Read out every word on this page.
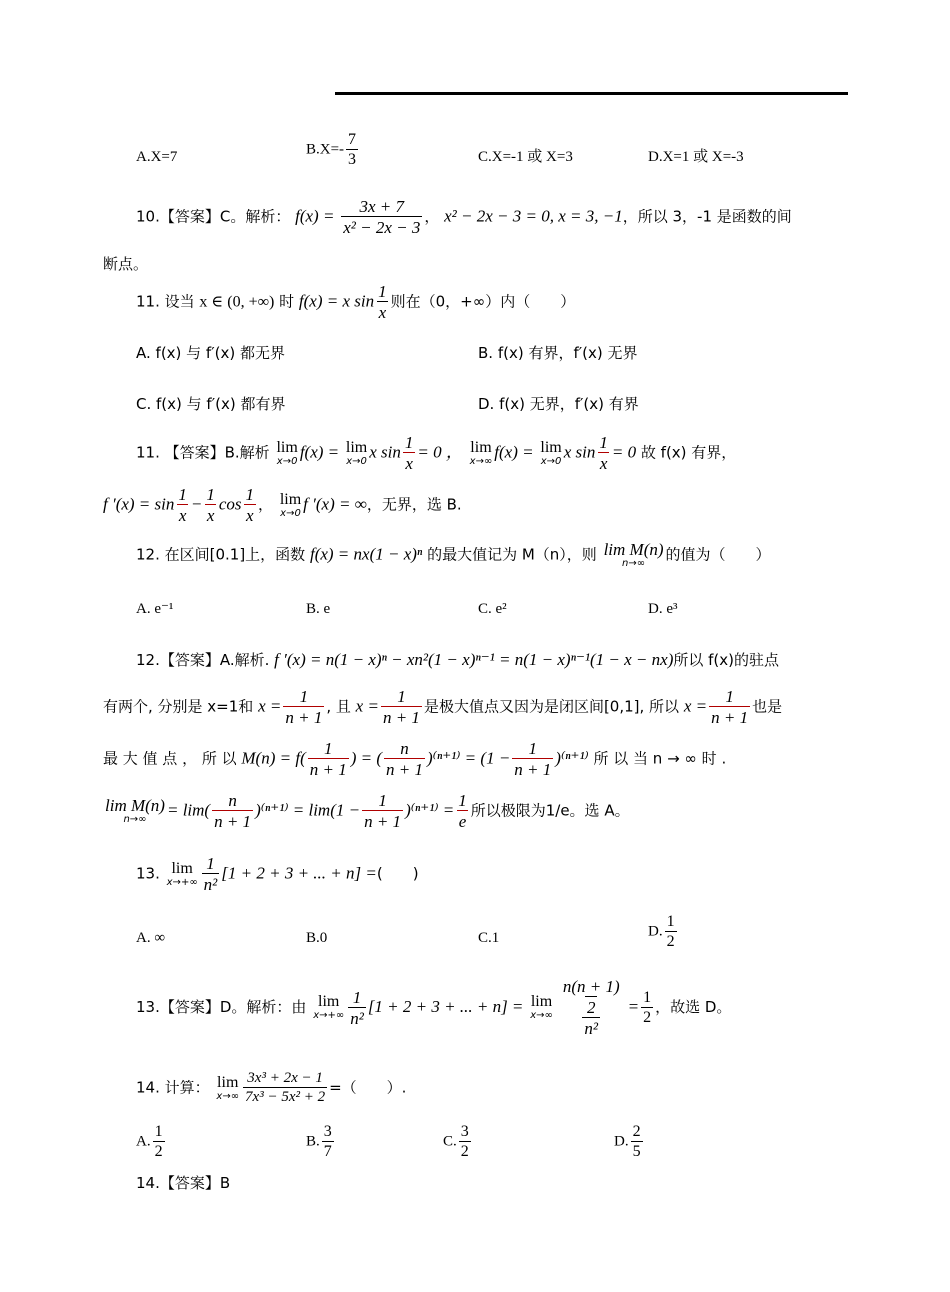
A.X=7	$B.X=- \frac{7}{3}$	C.X=-1 或 X=3	D.X=1 或 X=-3
10.【答案】C。解析： $f(x) = \frac{3x + 7}{\text{x² − 2x − 3}}$ ， x² − 2x − 3 = 0, x = 3, −1，所以 3，-1 是函数的间
断点。
11. 设当 x ∈ (0, +∞) 时 f(x) = x $\sin \frac{1}{x}$ 则在（0，+∞）内（　　）
A. f(x) 与 f′(x) 都无界	B. f(x) 有界，f′(x) 无界
C. f(x) 与 f′(x) 都有界	D. f(x) 无界，f′(x) 有界
11. 【答案】B.解析 lim
x→0 f(x) = lim
x→0 x $\sin \frac{1}{x} = 0$ ， lim
x→∞ f(x) = lim
x→0 x $\sin \frac{1}{x} = 0$ 故 f(x) 有界，
f $'(x) = \sin \frac{1}{x} - \frac{1}{x}$ $\cos \frac{1}{x}$ ， lim
x→0 f ′(x) = ∞，无界，选 B.
12. 在区间[0.1]上，函数 f(x) = nx(1 − x)ⁿ 的最大值记为 M（n），则 lim M(n)
n→∞ 的值为（　　）
A. e⁻¹	B. e	C. e²	D. e³
12.【答案】A.解析. f ′(x) = n(1 − x)ⁿ − xn²(1 − x)ⁿ⁻¹ = n(1 − x)ⁿ⁻¹(1 − x − nx)所以 f(x)的驻点
有两个, 分别是 x=1和 $x = \frac{1}{n + 1}$ , 且 $x = \frac{1}{n + 1}$ 是极大值点又因为是闭区间[0,1], 所以 $x = \frac{1}{n + 1}$ 也是
最 大 值 点 ， 所 以 $M(n) = f( \frac{1}{n + 1}$ ) = ( $\frac{n}{n + 1} )^{(n+1)} = (1 - \frac{1}{n + 1} )^{(n+1)}$ 所 以 当 n → ∞ 时 .
lim M(n)
$n\to\infty = \lim( \frac{n}{n + 1} )^{(n+1)} = \lim(1 - \frac{1}{n + 1} )^{(n+1)} = \frac{1}{e}$ 所以极限为1/e。选 A。
13. lim
$x\to+\infty \frac{1}{\text{n²}} [1 + 2 + 3$ + ... + n] =(　　)
A. ∞	B.0	C.1	D. $\frac{1}{2}$
13.【答案】D。解析：由 lim
$x\to+\infty \frac{1}{\text{n²}} [1 + 2 + 3$ + ... + n] = lim
$x\to\infty \frac{\frac{n(n + 1)}{2}}{\text{n²}} = \frac{1}{2}$ ，故选 D。
14. 计算： lim
$x\to\infty \frac{\text{3x³ + 2x − 1}}{\text{7x³ − 5x² + 2}}$ =（　　）.
A. $\frac{1}{2}$	B. $\frac{3}{7}$	C. $\frac{3}{2}$	D. $\frac{2}{5}$
14.【答案】B
